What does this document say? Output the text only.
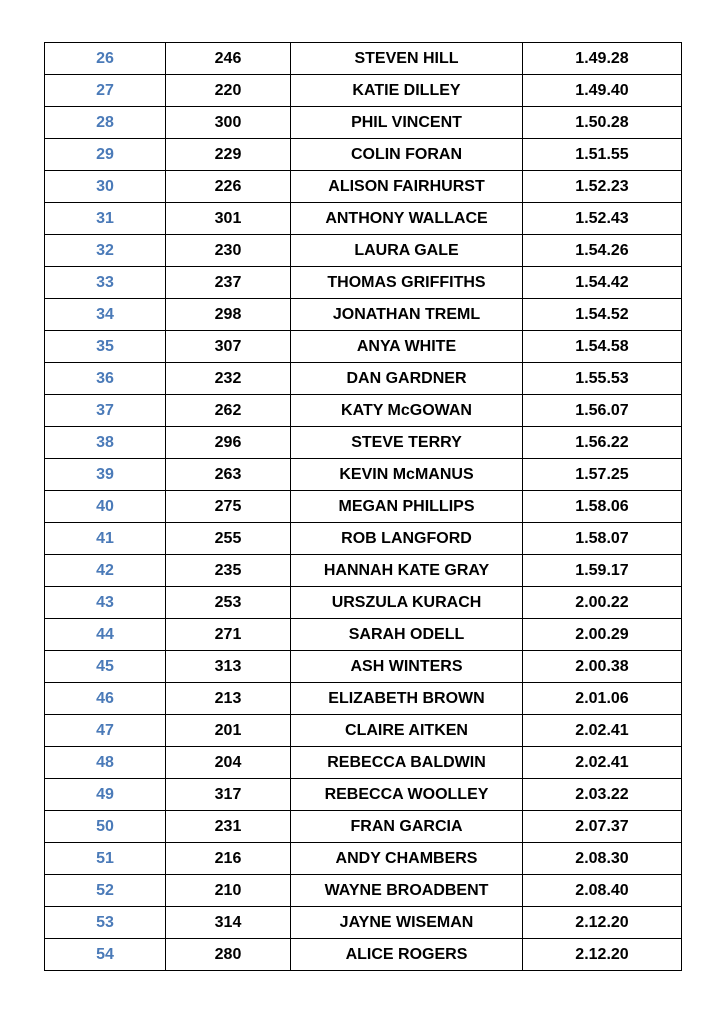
26	246	STEVEN HILL	1.49.28
27	220	KATIE DILLEY	1.49.40
28	300	PHIL VINCENT	1.50.28
29	229	COLIN FORAN	1.51.55
30	226	ALISON FAIRHURST	1.52.23
31	301	ANTHONY WALLACE	1.52.43
32	230	LAURA GALE	1.54.26
33	237	THOMAS GRIFFITHS	1.54.42
34	298	JONATHAN TREML	1.54.52
35	307	ANYA WHITE	1.54.58
36	232	DAN GARDNER	1.55.53
37	262	KATY McGOWAN	1.56.07
38	296	STEVE TERRY	1.56.22
39	263	KEVIN McMANUS	1.57.25
40	275	MEGAN PHILLIPS	1.58.06
41	255	ROB LANGFORD	1.58.07
42	235	HANNAH KATE GRAY	1.59.17
43	253	URSZULA KURACH	2.00.22
44	271	SARAH ODELL	2.00.29
45	313	ASH WINTERS	2.00.38
46	213	ELIZABETH BROWN	2.01.06
47	201	CLAIRE AITKEN	2.02.41
48	204	REBECCA BALDWIN	2.02.41
49	317	REBECCA WOOLLEY	2.03.22
50	231	FRAN GARCIA	2.07.37
51	216	ANDY CHAMBERS	2.08.30
52	210	WAYNE BROADBENT	2.08.40
53	314	JAYNE WISEMAN	2.12.20
54	280	ALICE ROGERS	2.12.20
